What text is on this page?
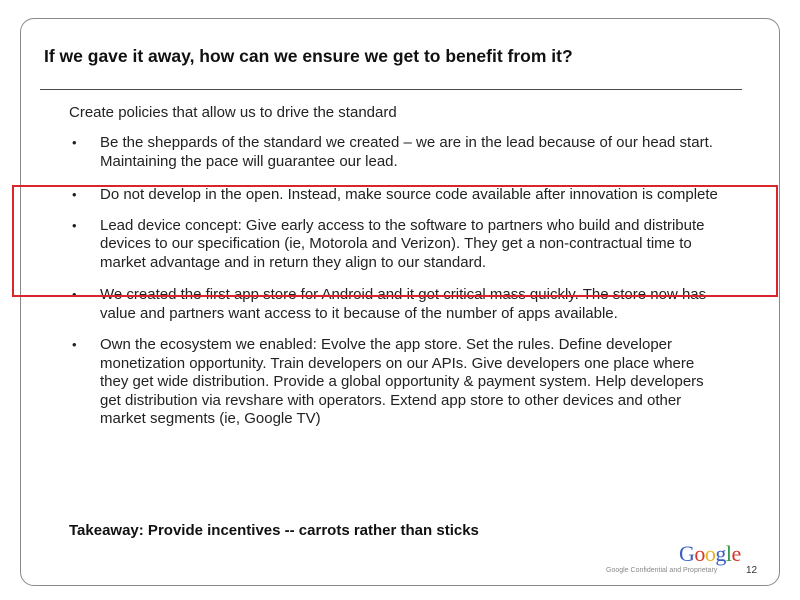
If we gave it away, how can we ensure we get to benefit from it?
Create policies that allow us to drive the standard
• Be the sheppards of the standard we created – we are in the lead because of our head start. Maintaining the pace will guarantee our lead.
• Do not develop in the open. Instead, make source code available after innovation is complete
• Lead device concept: Give early access to the software to partners who build and distribute devices to our specification (ie, Motorola and Verizon). They get a non-contractual time to market advantage and in return they align to our standard.
• We created the first app store for Android and it got critical mass quickly. The store now has value and partners want access to it because of the number of apps available.
• Own the ecosystem we enabled: Evolve the app store. Set the rules. Define developer monetization opportunity. Train developers on our APIs. Give developers one place where they get wide distribution. Provide a global opportunity & payment system. Help developers get distribution via revshare with operators. Extend app store to other devices and other market segments (ie, Google TV)
Takeaway: Provide incentives -- carrots rather than sticks
Google
Google Confidential and Proprietary	12
